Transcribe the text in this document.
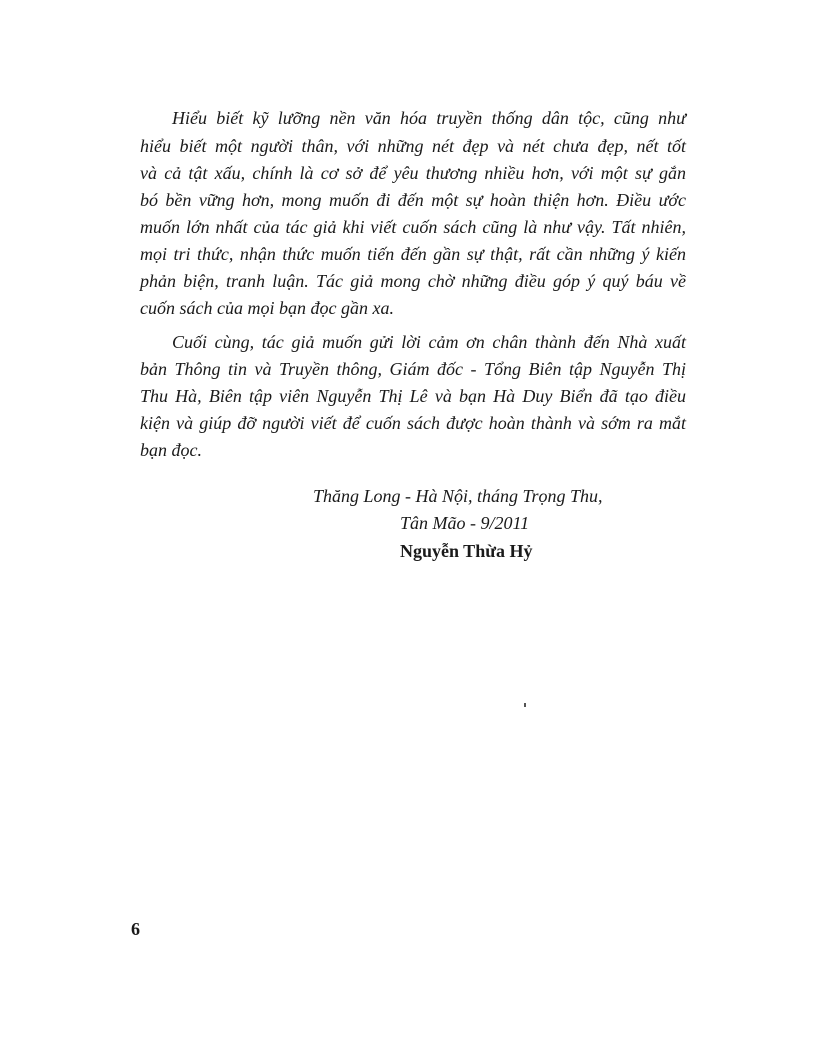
Hiểu biết kỹ lưỡng nền văn hóa truyền thống dân tộc, cũng như

hiểu biết một người thân, với những nét đẹp và nét chưa đẹp, nết tốt

và cả tật xấu, chính là cơ sở để yêu thương nhiều hơn, với một sự gắn

bó bền vững hơn, mong muốn đi đến một sự hoàn thiện hơn. Điều ước

muốn lớn nhất của tác giả khi viết cuốn sách cũng là như vậy. Tất nhiên,

mọi tri thức, nhận thức muốn tiến đến gần sự thật, rất cần những ý kiến

phản biện, tranh luận. Tác giả mong chờ những điều góp ý quý báu về

cuốn sách của mọi bạn đọc gần xa.

Cuối cùng, tác giả muốn gửi lời cảm ơn chân thành đến Nhà xuất

bản Thông tin và Truyền thông, Giám đốc - Tổng Biên tập Nguyễn Thị

Thu Hà, Biên tập viên Nguyễn Thị Lê và bạn Hà Duy Biển đã tạo điều

kiện và giúp đỡ người viết để cuốn sách được hoàn thành và sớm ra mắt

bạn đọc.

Thăng Long - Hà Nội, tháng Trọng Thu,

Tân Mão - 9/2011

Nguyễn Thừa Hỷ

6
